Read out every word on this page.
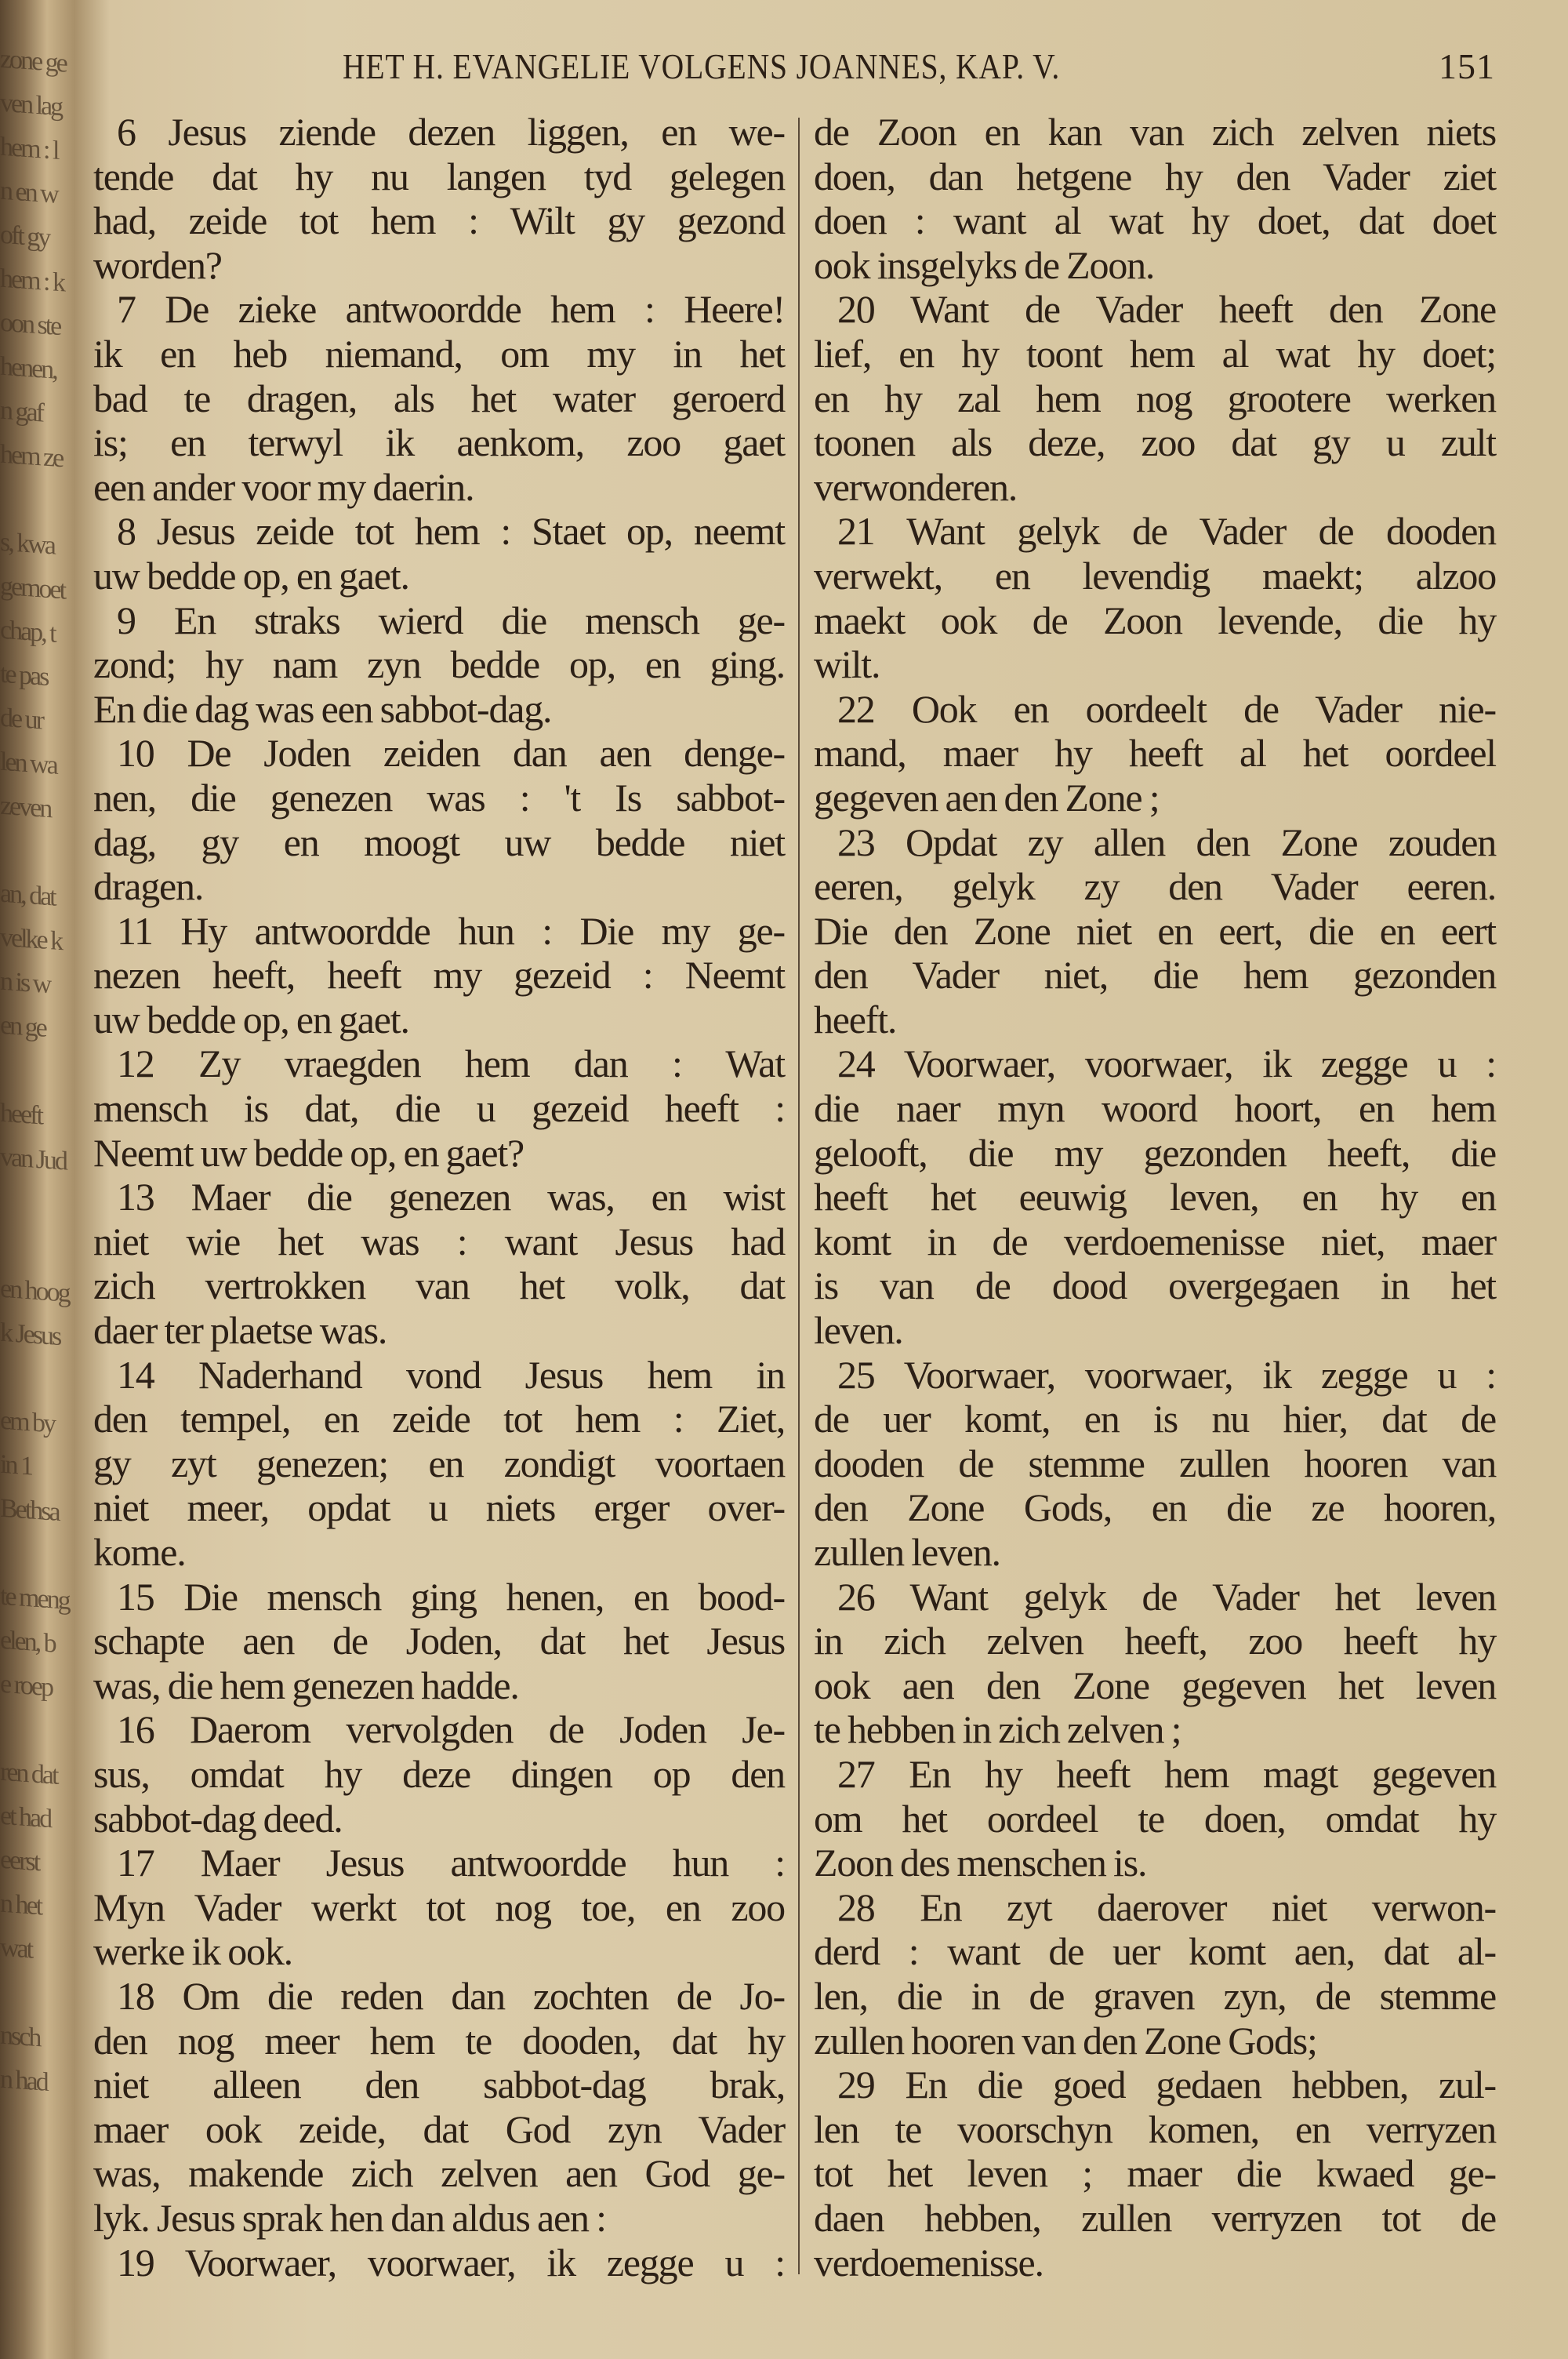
zone ge
ven lag
hem : l
n en w
oft gy
hem : k
oon ste
henen,
n gaf
hem ze
s, kwa
gemoet
chap, t
te pas
de ur
len wa
zeven
an, dat
velke k
n is w
en ge
heeft
van Jud
en hoog
k Jesus
em by
in 1
Bethsa
te meng
elen, b
e roep
ren dat
et had
eerst
n het
wat
nsch
n had
HET H. EVANGELIE VOLGENS JOANNES, KAP. V.	151
6 Jesus ziende dezen liggen, en we-
tende dat hy nu langen tyd gelegen
had, zeide tot hem : Wilt gy gezond
worden?
7 De zieke antwoordde hem : Heere!
ik en heb niemand, om my in het
bad te dragen, als het water geroerd
is; en terwyl ik aenkom, zoo gaet
een ander voor my daerin.
8 Jesus zeide tot hem : Staet op, neemt
uw bedde op, en gaet.
9 En straks wierd die mensch ge-
zond; hy nam zyn bedde op, en ging.
En die dag was een sabbot-dag.
10 De Joden zeiden dan aen denge-
nen, die genezen was : 't Is sabbot-
dag, gy en moogt uw bedde niet
dragen.
11 Hy antwoordde hun : Die my ge-
nezen heeft, heeft my gezeid : Neemt
uw bedde op, en gaet.
12 Zy vraegden hem dan : Wat
mensch is dat, die u gezeid heeft :
Neemt uw bedde op, en gaet?
13 Maer die genezen was, en wist
niet wie het was : want Jesus had
zich vertrokken van het volk, dat
daer ter plaetse was.
14 Naderhand vond Jesus hem in
den tempel, en zeide tot hem : Ziet,
gy zyt genezen; en zondigt voortaen
niet meer, opdat u niets erger over-
kome.
15 Die mensch ging henen, en bood-
schapte aen de Joden, dat het Jesus
was, die hem genezen hadde.
16 Daerom vervolgden de Joden Je-
sus, omdat hy deze dingen op den
sabbot-dag deed.
17 Maer Jesus antwoordde hun :
Myn Vader werkt tot nog toe, en zoo
werke ik ook.
18 Om die reden dan zochten de Jo-
den nog meer hem te dooden, dat hy
niet alleen den sabbot-dag brak,
maer ook zeide, dat God zyn Vader
was, makende zich zelven aen God ge-
lyk. Jesus sprak hen dan aldus aen :
19 Voorwaer, voorwaer, ik zegge u :
de Zoon en kan van zich zelven niets
doen, dan hetgene hy den Vader ziet
doen : want al wat hy doet, dat doet
ook insgelyks de Zoon.
20 Want de Vader heeft den Zone
lief, en hy toont hem al wat hy doet;
en hy zal hem nog grootere werken
toonen als deze, zoo dat gy u zult
verwonderen.
21 Want gelyk de Vader de dooden
verwekt, en levendig maekt; alzoo
maekt ook de Zoon levende, die hy
wilt.
22 Ook en oordeelt de Vader nie-
mand, maer hy heeft al het oordeel
gegeven aen den Zone ;
23 Opdat zy allen den Zone zouden
eeren, gelyk zy den Vader eeren.
Die den Zone niet en eert, die en eert
den Vader niet, die hem gezonden
heeft.
24 Voorwaer, voorwaer, ik zegge u :
die naer myn woord hoort, en hem
gelooft, die my gezonden heeft, die
heeft het eeuwig leven, en hy en
komt in de verdoemenisse niet, maer
is van de dood overgegaen in het
leven.
25 Voorwaer, voorwaer, ik zegge u :
de uer komt, en is nu hier, dat de
dooden de stemme zullen hooren van
den Zone Gods, en die ze hooren,
zullen leven.
26 Want gelyk de Vader het leven
in zich zelven heeft, zoo heeft hy
ook aen den Zone gegeven het leven
te hebben in zich zelven ;
27 En hy heeft hem magt gegeven
om het oordeel te doen, omdat hy
Zoon des menschen is.
28 En zyt daerover niet verwon-
derd : want de uer komt aen, dat al-
len, die in de graven zyn, de stemme
zullen hooren van den Zone Gods;
29 En die goed gedaen hebben, zul-
len te voorschyn komen, en verryzen
tot het leven ; maer die kwaed ge-
daen hebben, zullen verryzen tot de
verdoemenisse.
